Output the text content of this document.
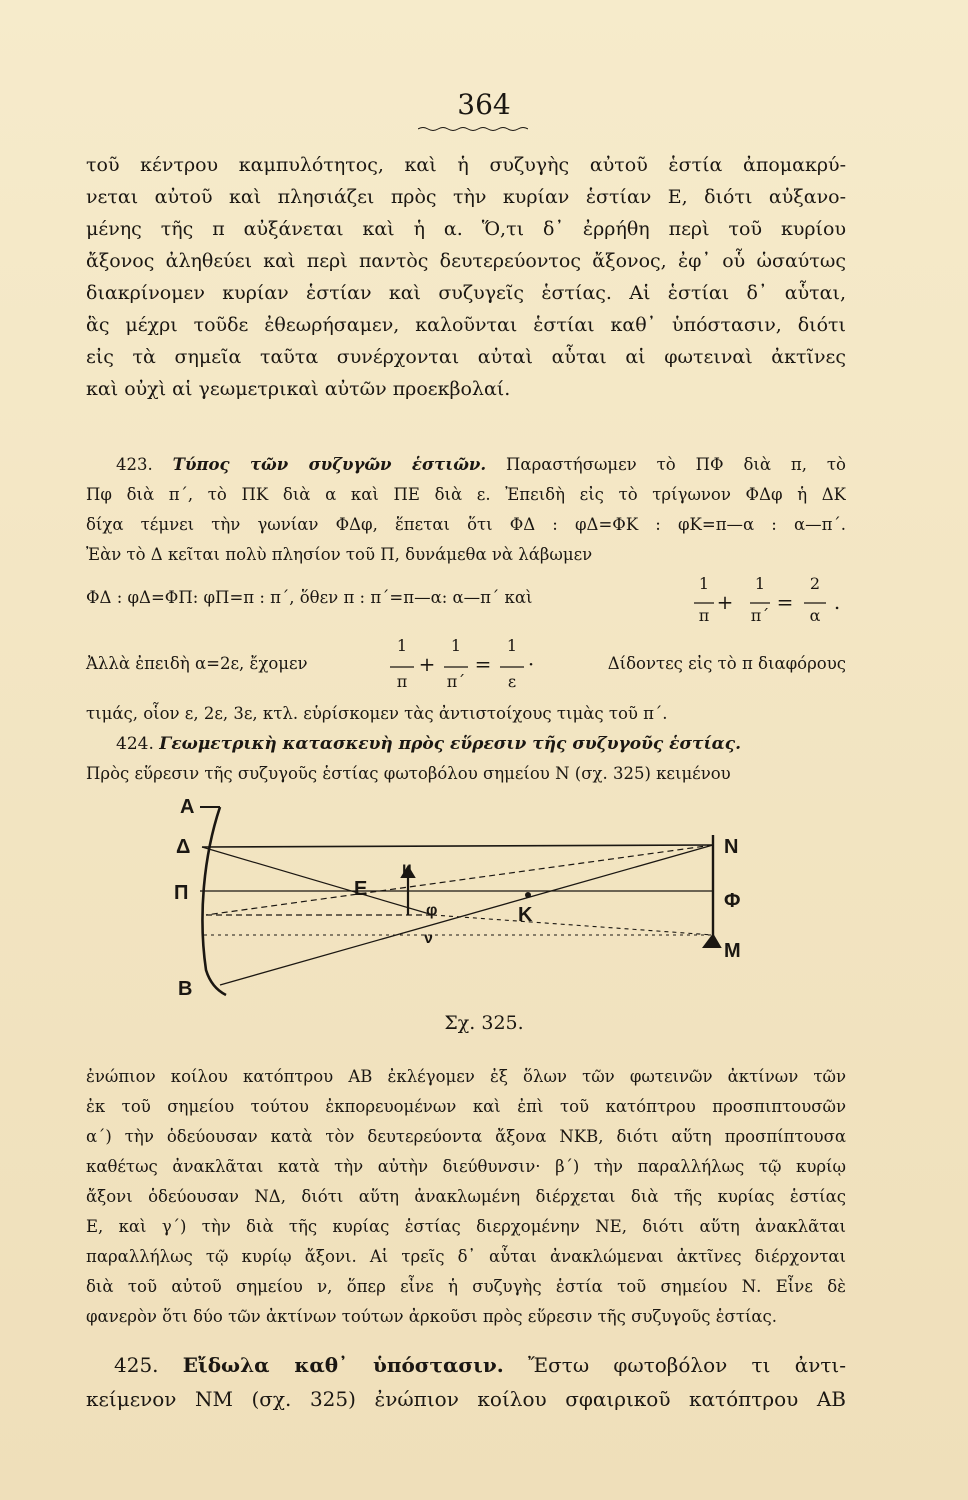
364
τοῦ κέντρου καμπυλότητος, καὶ ἡ συζυγὴς αὐτοῦ ἑστία ἀπομακρύ-
νεται αὐτοῦ καὶ πλησιάζει πρὸς τὴν κυρίαν ἑστίαν Ε, διότι αὐξανο-
μένης τῆς π αὐξάνεται καὶ ἡ α. Ὅ,τι δ᾽ ἐρρήθη περὶ τοῦ κυρίου
ἄξονος ἀληθεύει καὶ περὶ παντὸς δευτερεύοντος ἄξονος, ἐφ᾽ οὗ ὡσαύτως
διακρίνομεν κυρίαν ἑστίαν καὶ συζυγεῖς ἑστίας. Αἱ ἑστίαι δ᾽ αὗται,
ἃς μέχρι τοῦδε ἐθεωρήσαμεν, καλοῦνται ἑστίαι καθ᾽ ὑπόστασιν, διότι
εἰς τὰ σημεῖα ταῦτα συνέρχονται αὐταὶ αὗται αἱ φωτειναὶ ἀκτῖνες
καὶ οὐχὶ αἱ γεωμετρικαὶ αὐτῶν προεκβολαί.
423. Τύπος τῶν συζυγῶν ἑστιῶν. Παραστήσωμεν τὸ ΠΦ διὰ π, τὸ
Πφ διὰ π΄, τὸ ΠΚ διὰ α καὶ ΠΕ διὰ ε. Ἐπειδὴ εἰς τὸ τρίγωνον ΦΔφ ἡ ΔΚ
δίχα τέμνει τὴν γωνίαν ΦΔφ, ἕπεται ὅτι ΦΔ : φΔ=ΦΚ : φΚ=π—α : α—π΄.
Ἐὰν τὸ Δ κεῖται πολὺ πλησίον τοῦ Π, δυνάμεθα νὰ λάβωμεν
ΦΔ : φΔ=ΦΠ: φΠ=π : π΄, ὅθεν π : π΄=π—α: α—π΄ καὶ
1
π
+
1
π΄
=
2
α
.
Ἀλλὰ ἐπειδὴ α=2ε, ἔχομεν
1
π
+
1
π΄
=
1
ε
·	Δίδοντες εἰς τὸ π διαφόρους
τιμάς, οἷον ε, 2ε, 3ε, κτλ. εὑρίσκομεν τὰς ἀντιστοίχους τιμὰς τοῦ π΄.
424. Γεωμετρικὴ κατασκευὴ πρὸς εὕρεσιν τῆς συζυγοῦς ἑστίας.
Πρὸς εὕρεσιν τῆς συζυγοῦς ἑστίας φωτοβόλου σημείου Ν (σχ. 325) κειμένου
A
Δ
Π
B
E
φ
ν
μ
K
N
Φ
M
Σχ. 325.
ἐνώπιον κοίλου κατόπτρου ΑΒ ἐκλέγομεν ἐξ ὅλων τῶν φωτεινῶν ἀκτίνων τῶν
ἐκ τοῦ σημείου τούτου ἐκπορευομένων καὶ ἐπὶ τοῦ κατόπτρου προσπιπτουσῶν
α΄) τὴν ὁδεύουσαν κατὰ τὸν δευτερεύοντα ἄξονα ΝΚΒ, διότι αὕτη προσπίπτουσα
καθέτως ἀνακλᾶται κατὰ τὴν αὐτὴν διεύθυνσιν· β΄) τὴν παραλλήλως τῷ κυρίῳ
ἄξονι ὁδεύουσαν ΝΔ, διότι αὕτη ἀνακλωμένη διέρχεται διὰ τῆς κυρίας ἑστίας
Ε, καὶ γ΄) τὴν διὰ τῆς κυρίας ἑστίας διερχομένην ΝΕ, διότι αὕτη ἀνακλᾶται
παραλλήλως τῷ κυρίῳ ἄξονι. Αἱ τρεῖς δ᾽ αὗται ἀνακλώμεναι ἀκτῖνες διέρχονται
διὰ τοῦ αὐτοῦ σημείου ν, ὅπερ εἶνε ἡ συζυγὴς ἑστία τοῦ σημείου Ν. Εἶνε δὲ
φανερὸν ὅτι δύο τῶν ἀκτίνων τούτων ἀρκοῦσι πρὸς εὕρεσιν τῆς συζυγοῦς ἑστίας.
425. Εἴδωλα καθ᾽ ὑπόστασιν. Ἔστω φωτοβόλον τι ἀντι-
κείμενον ΝΜ (σχ. 325) ἐνώπιον κοίλου σφαιρικοῦ κατόπτρου ΑΒ
